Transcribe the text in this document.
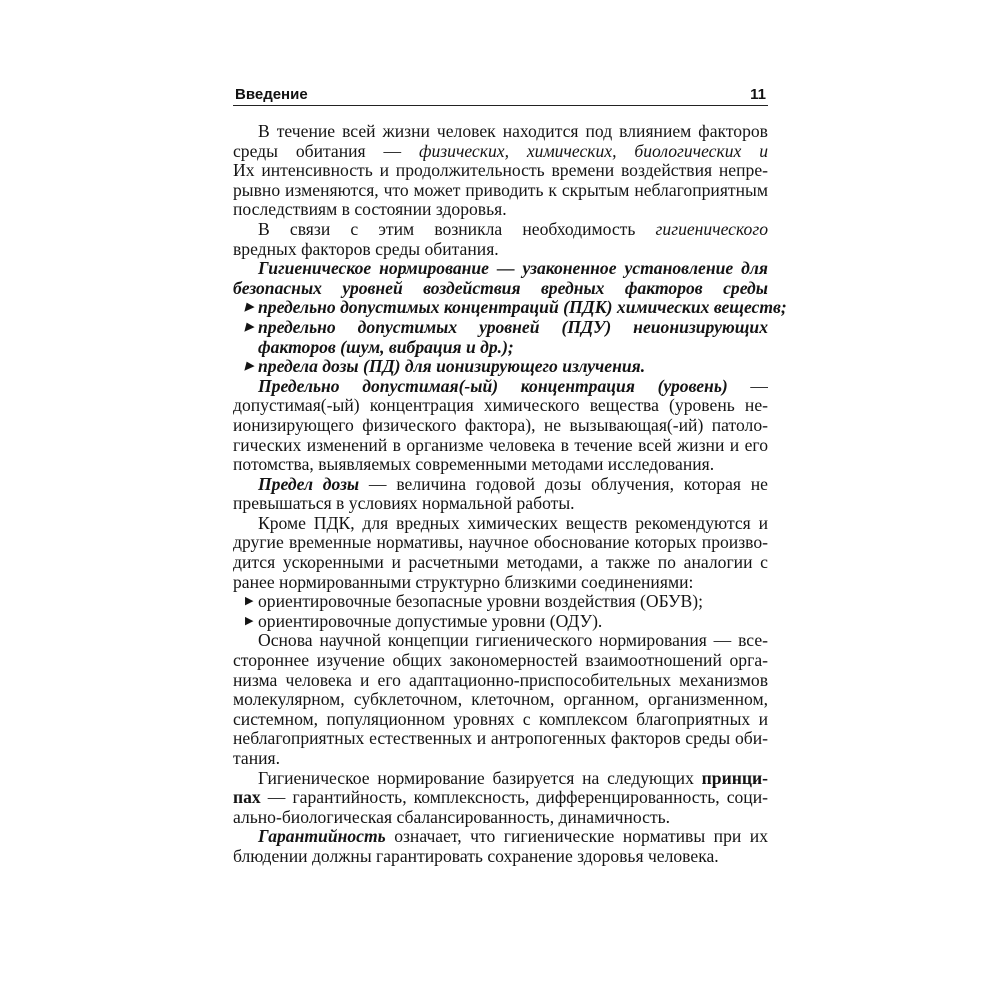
Введение	11
В течение всей жизни человек находится под влиянием факторов
среды обитания — физических, химических, биологических и
Их интенсивность и продолжительность времени воздействия непре-
рывно изменяются, что может приводить к скрытым неблагоприятным
последствиям в состоянии здоровья.
В связи с этим возникла необходимость гигиенического
вредных факторов среды обитания.
Гигиеническое нормирование — узаконенное установление для
безопасных уровней воздействия вредных факторов среды
▶ предельно допустимых концентраций (ПДК) химических веществ;
▶ предельно допустимых уровней (ПДУ) неионизирующих
факторов (шум, вибрация и др.);
▶ предела дозы (ПД) для ионизирующего излучения.
Предельно допустимая(-ый) концентрация (уровень) —
допустимая(-ый) концентрация химического вещества (уровень не-
ионизирующего физического фактора), не вызывающая(-ий) патоло-
гических изменений в организме человека в течение всей жизни и его
потомства, выявляемых современными методами исследования.
Предел дозы — величина годовой дозы облучения, которая не
превышаться в условиях нормальной работы.
Кроме ПДК, для вредных химических веществ рекомендуются и
другие временные нормативы, научное обоснование которых произво-
дится ускоренными и расчетными методами, а также по аналогии с
ранее нормированными структурно близкими соединениями:
▶ ориентировочные безопасные уровни воздействия (ОБУВ);
▶ ориентировочные допустимые уровни (ОДУ).
Основа научной концепции гигиенического нормирования — все-
стороннее изучение общих закономерностей взаимоотношений орга-
низма человека и его адаптационно-приспособительных механизмов
молекулярном, субклеточном, клеточном, органном, организменном,
системном, популяционном уровнях с комплексом благоприятных и
неблагоприятных естественных и антропогенных факторов среды оби-
тания.
Гигиеническое нормирование базируется на следующих принци-
пах — гарантийность, комплексность, дифференцированность, соци-
ально-биологическая сбалансированность, динамичность.
Гарантийность означает, что гигиенические нормативы при их
блюдении должны гарантировать сохранение здоровья человека.
